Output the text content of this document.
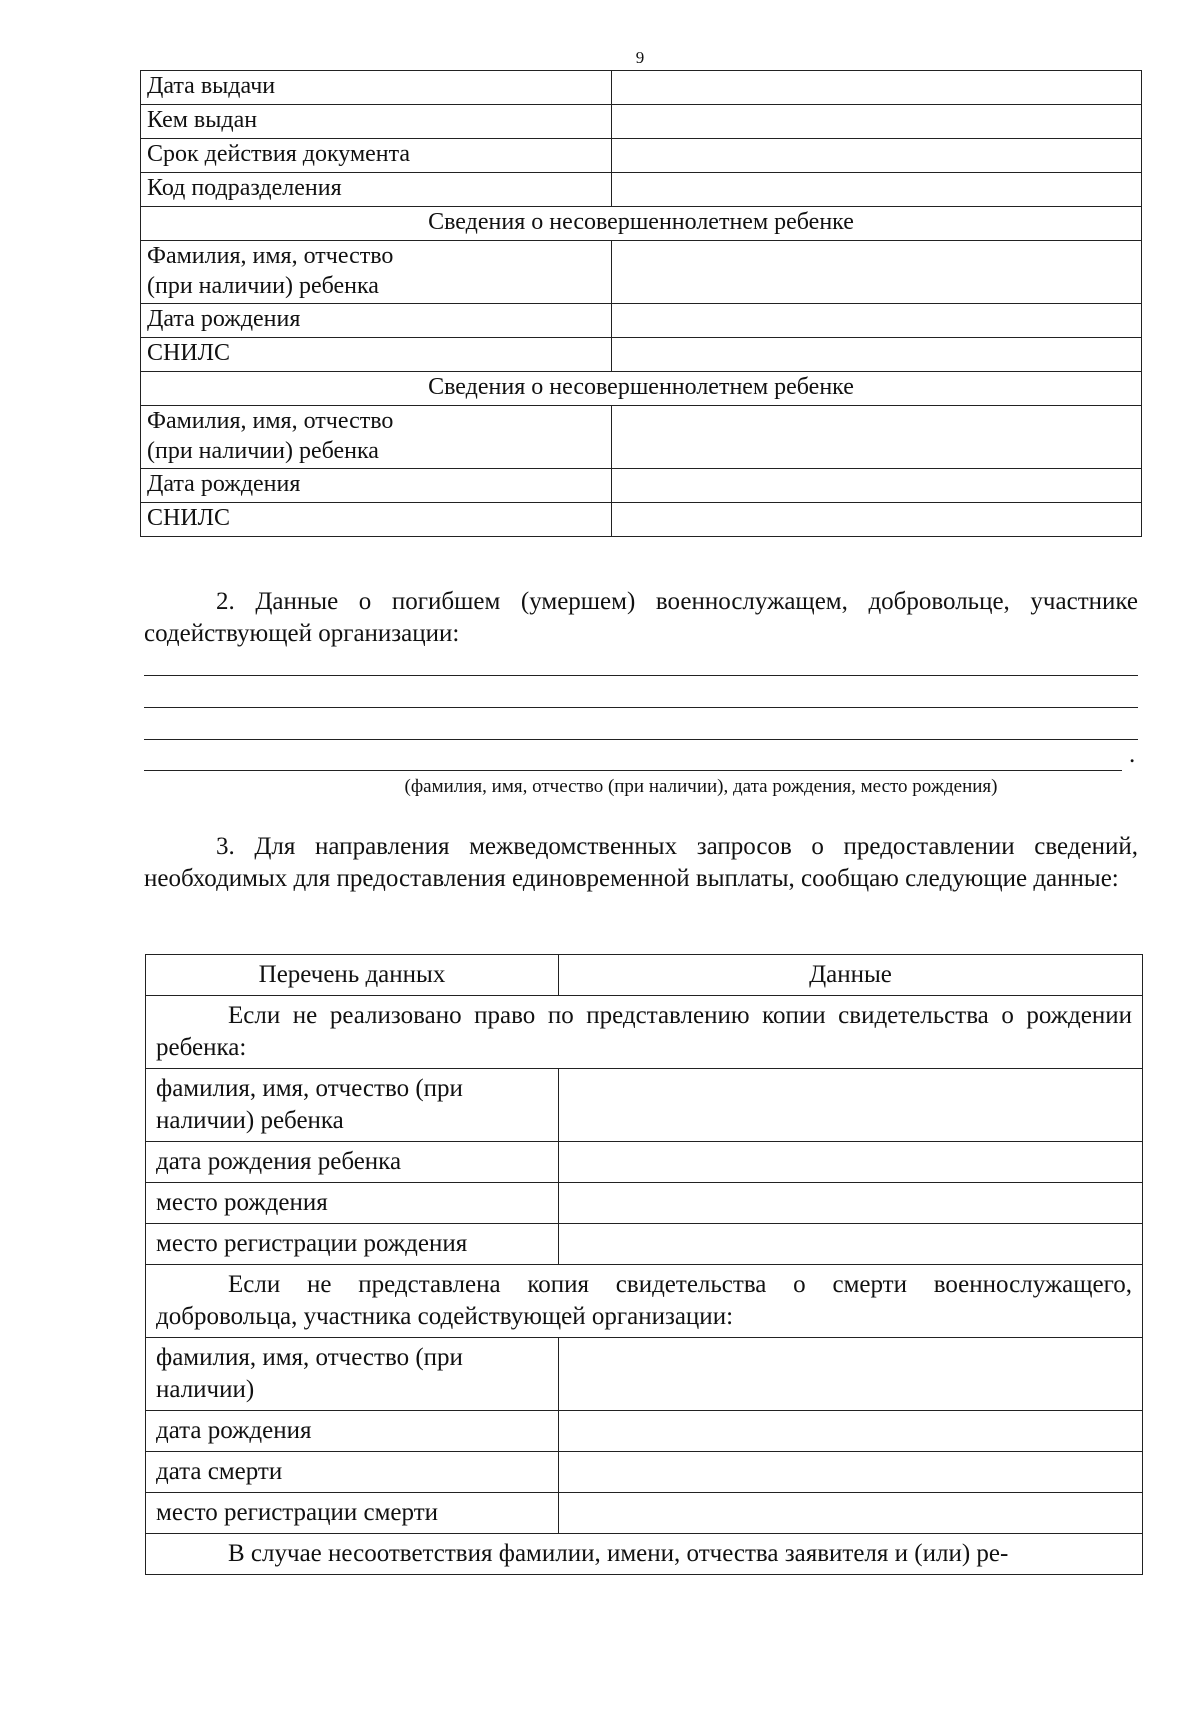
9
Дата выдачи	
Кем выдан	
Срок действия документа	
Код подразделения	
Сведения о несовершеннолетнем ребенке	
Фамилия, имя, отчество
(при наличии) ребенка	
Дата рождения	
СНИЛС	
Сведения о несовершеннолетнем ребенке	
Фамилия, имя, отчество
(при наличии) ребенка	
Дата рождения	
СНИЛС	
2. Данные о погибшем (умершем) военнослужащем, добровольце, участнике содействующей организации:
.
(фамилия, имя, отчество (при наличии), дата рождения, место рождения)
3. Для направления межведомственных запросов о предоставлении сведений, необходимых для предоставления единовременной выплаты, сообщаю следующие данные:
Перечень данных	Данные
Если не реализовано право по представлению копии свидетельства о рождении ребенка:	
фамилия, имя, отчество (при наличии) ребенка	
дата рождения ребенка	
место рождения	
место регистрации рождения	
Если не представлена копия свидетельства о смерти военнослужащего, добровольца, участника содействующей организации:	
фамилия, имя, отчество (при наличии)	
дата рождения	
дата смерти	
место регистрации смерти	
В случае несоответствия фамилии, имени, отчества заявителя и (или) ре-	
